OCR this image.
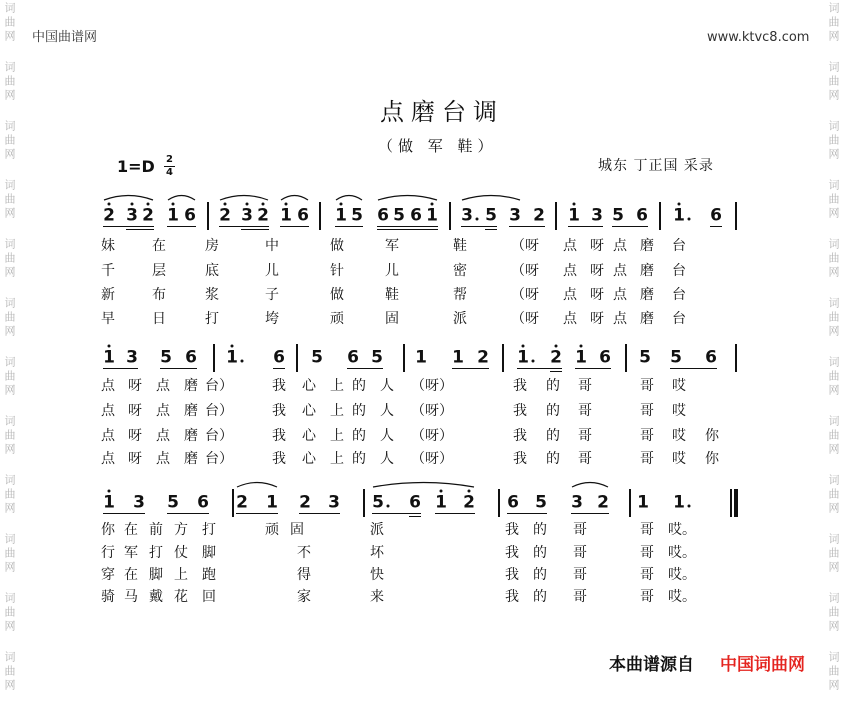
词曲网
词曲网
词曲网
词曲网
词曲网
词曲网
词曲网
词曲网
词曲网
词曲网
词曲网
词曲网
词曲网
词曲网
词曲网
词曲网
词曲网
词曲网
词曲网
词曲网
词曲网
词曲网
词曲网
词曲网
中国曲谱网	www.ktvc8.com
点磨台调
（做 军 鞋）
1=D 2
4	城东 丁正国 采录
2 3 2 1 6 2 3 2 1 6 1 5 6 5 6 1 3 5 3 2 1 3 5 6 1 6
妹	在	房	中	做	军	鞋	（呀 点 呀 点 磨 台
千	层	底	儿	针	儿	密	（呀 点 呀 点 磨 台
新	布	浆	子	做	鞋	帮	（呀 点 呀 点 磨 台
早	日	打	垮	顽	固	派	（呀 点 呀 点 磨 台
1 3 5 6 1 6 5 6 5 1 1 2 1 2 1 6 5 5 6
点 呀 点 磨 台）	我 心 上 的 人 （呀）	我 的 哥	哥 哎
点 呀 点 磨 台）	我 心 上 的 人 （呀）	我 的 哥	哥 哎
点 呀 点 磨 台）	我 心 上 的 人 （呀）	我 的 哥	哥 哎 你
点 呀 点 磨 台）	我 心 上 的 人 （呀）	我 的 哥	哥 哎 你
1 3 5 6 2 1 2 3 5 6 1 2 6 5 3 2 1 1
你 在 前 方 打	顽 固	派	我 的 哥	哥 哎。
行 军 打 仗 脚	不	坏	我 的 哥	哥 哎。
穿 在 脚 上 跑	得	快	我 的 哥	哥 哎。
骑 马 戴 花 回	家	来	我 的 哥	哥 哎。
本曲谱源自 中国词曲网
